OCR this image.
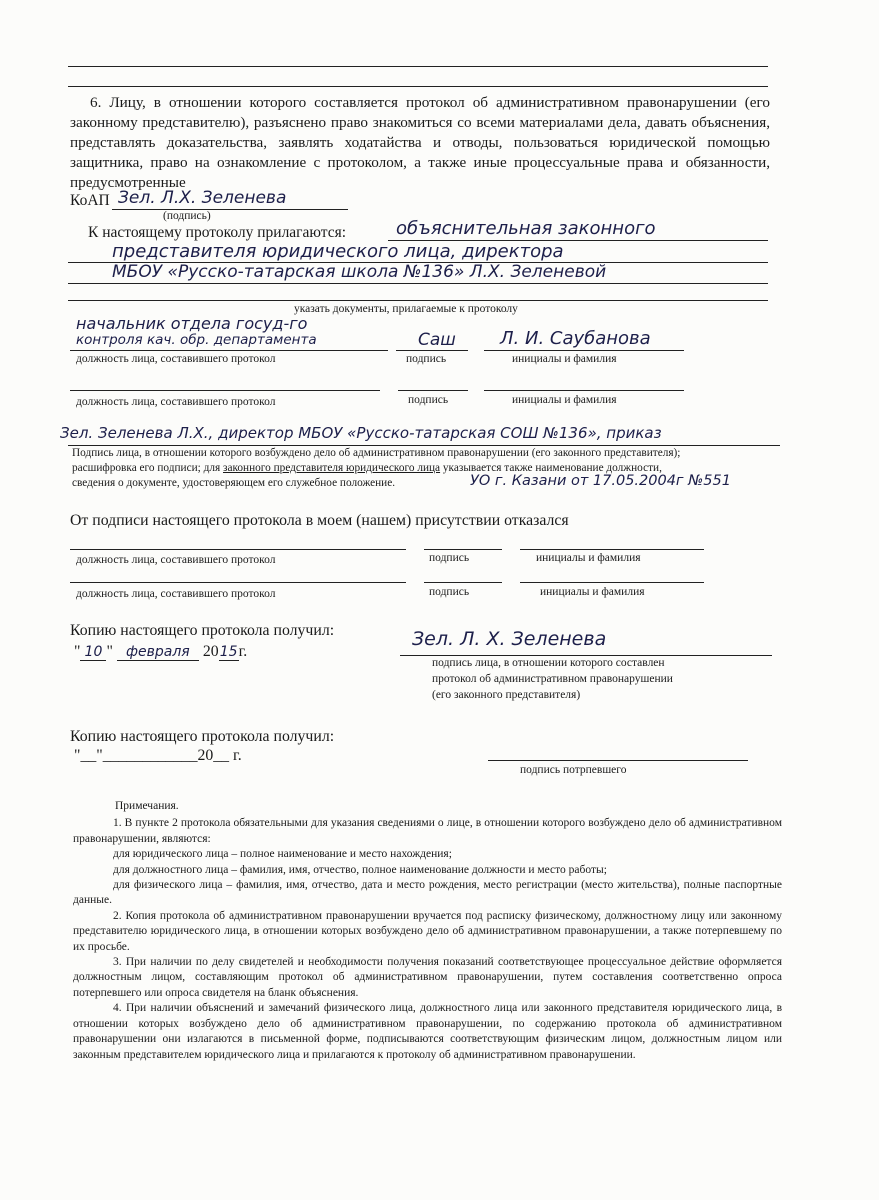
6. Лицу, в отношении которого составляется протокол об административном правонарушении (его законному представителю), разъяснено право знакомиться со всеми материалами дела, давать объяснения, представлять доказательства, заявлять ходатайства и отводы, пользоваться юридической помощью защитника, право на ознакомление с протоколом, а также иные процессуальные права и обязанности, предусмотренные
КоАП Зел. Л.Х. Зеленева
(подпись)
К настоящему протоколу прилагаются:	объяснительная законного
представителя юридического лица, директора
МБОУ «Русско-татарская школа №136» Л.Х. Зеленевой
указать документы, прилагаемые к протоколу
начальник отдела госуд-го
контроля кач. обр. департамента	Саш Л. И. Саубанова
должность лица, составившего протокол	подпись	инициалы и фамилия
должность лица, составившего протокол	подпись	инициалы и фамилия
Зел. Зеленева Л.Х., директор МБОУ «Русско-татарская СОШ №136», приказ
Подпись лица, в отношении которого возбуждено дело об административном правонарушении (его законного представителя);
расшифровка его подписи; для законного представителя юридического лица указывается также наименование должности,
сведения о документе, удостоверяющем его служебное положение.	УО г. Казани от 17.05.2004г №551
От подписи настоящего протокола в моем (нашем) присутствии отказался
должность лица, составившего протокол	подпись	инициалы и фамилия
должность лица, составившего протокол	подпись	инициалы и фамилия
Копию настоящего протокола получил:
" 10 " февраля 2015г.
Зел. Л. Х. Зеленева
подпись лица, в отношении которого составлен
протокол об административном правонарушении
(его законного представителя)
Копию настоящего протокола получил:
"__"____________20__ г.
подпись потрпевшего

Примечания.

1. В пункте 2 протокола обязательными для указания сведениями о лице, в отношении которого возбуждено дело об административном правонарушении, являются:

для юридического лица – полное наименование и место нахождения;

для должностного лица – фамилия, имя, отчество, полное наименование должности и место работы;

для физического лица – фамилия, имя, отчество, дата и место рождения, место регистрации (место жительства), полные паспортные данные.

2. Копия протокола об административном правонарушении вручается под расписку физическому, должностному лицу или законному представителю юридического лица, в отношении которых возбуждено дело об административном правонарушении, а также потерпевшему по их просьбе.

3. При наличии по делу свидетелей и необходимости получения показаний соответствующее процессуальное действие оформляется должностным лицом, составляющим протокол об административном правонарушении, путем составления соответственно опроса потерпевшего или опроса свидетеля на бланк объяснения.

4. При наличии объяснений и замечаний физического лица, должностного лица или законного представителя юридического лица, в отношении которых возбуждено дело об административном правонарушении, по содержанию протокола об административном правонарушении они излагаются в письменной форме, подписываются соответствующим физическим лицом, должностным лицом или законным представителем юридического лица и прилагаются к протоколу об административном правонарушении.
